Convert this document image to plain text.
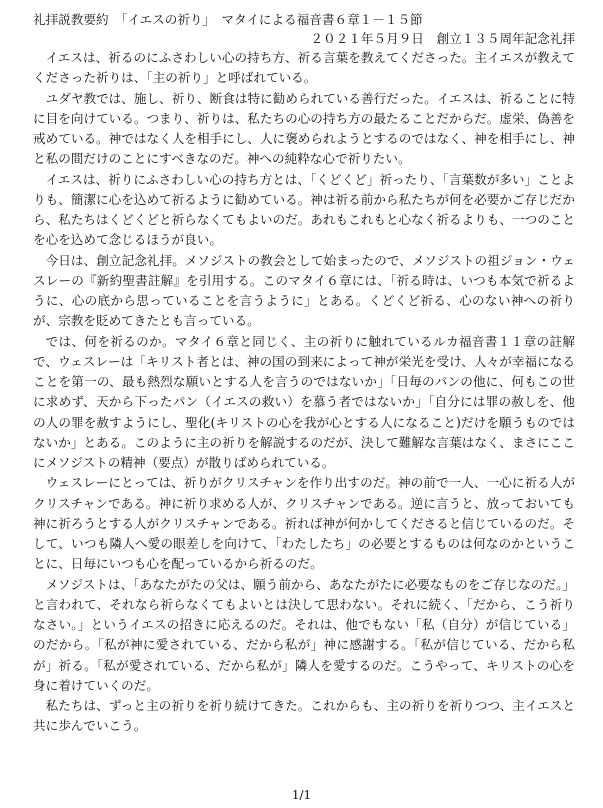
礼拝説教要約　「イエスの祈り」　マタイによる福音書６章１－１５節
２０２１年５月９日　創立１３５周年記念礼拝

イエスは、祈るのにふさわしい心の持ち方、祈る言葉を教えてくださった。主イエスが教えてくださった祈りは、「主の祈り」と呼ばれている。

ユダヤ教では、施し、祈り、断食は特に勧められている善行だった。イエスは、祈ることに特に目を向けている。つまり、祈りは、私たちの心の持ち方の最たることだからだ。虚栄、偽善を戒めている。神ではなく人を相手にし、人に褒められようとするのではなく、神を相手にし、神と私の間だけのことにすべきなのだ。神への純粋な心で祈りたい。

イエスは、祈りにふさわしい心の持ち方とは、「くどくど」祈ったり、「言葉数が多い」ことよりも、簡潔に心を込めて祈るように勧めている。神は祈る前から私たちが何を必要かご存じだから、私たちはくどくどと祈らなくてもよいのだ。あれもこれもと心なく祈るよりも、一つのことを心を込めて念じるほうが良い。

今日は、創立記念礼拝。メソジストの教会として始まったので、メソジストの祖ジョン・ウェスレーの『新約聖書註解』を引用する。このマタイ６章には、「祈る時は、いつも本気で祈るように、心の底から思っていることを言うように」とある。くどくど祈る、心のない神への祈りが、宗教を貶めてきたとも言っている。

では、何を祈るのか。マタイ６章と同じく、主の祈りに触れているルカ福音書１１章の註解で、ウェスレーは「キリスト者とは、神の国の到来によって神が栄光を受け、人々が幸福になることを第一の、最も熱烈な願いとする人を言うのではないか」「日毎のパンの他に、何もこの世に求めず、天から下ったパン（イエスの救い）を慕う者ではないか」「自分には罪の赦しを、他の人の罪を赦すようにし、聖化(キリストの心を我が心とする人になること)だけを願うものではないか」とある。このように主の祈りを解説するのだが、決して難解な言葉はなく、まさにここにメソジストの精神（要点）が散りばめられている。

ウェスレーにとっては、祈りがクリスチャンを作り出すのだ。神の前で一人、一心に祈る人がクリスチャンである。神に祈り求める人が、クリスチャンである。逆に言うと、放っておいても神に祈ろうとする人がクリスチャンである。祈れば神が何かしてくださると信じているのだ。そして、いつも隣人へ愛の眼差しを向けて、「わたしたち」の必要とするものは何なのかということに、日毎にいつも心を配っているから祈るのだ。

メソジストは、「あなたがたの父は、願う前から、あなたがたに必要なものをご存じなのだ。」と言われて、それなら祈らなくてもよいとは決して思わない。それに続く、「だから、こう祈りなさい。」というイエスの招きに応えるのだ。それは、他でもない「私（自分）が信じている」のだから。「私が神に愛されている、だから私が」神に感謝する。「私が信じている、だから私が」祈る。「私が愛されている、だから私が」隣人を愛するのだ。こうやって、キリストの心を身に着けていくのだ。

私たちは、ずっと主の祈りを祈り続けてきた。これからも、主の祈りを祈りつつ、主イエスと共に歩んでいこう。

1/1
